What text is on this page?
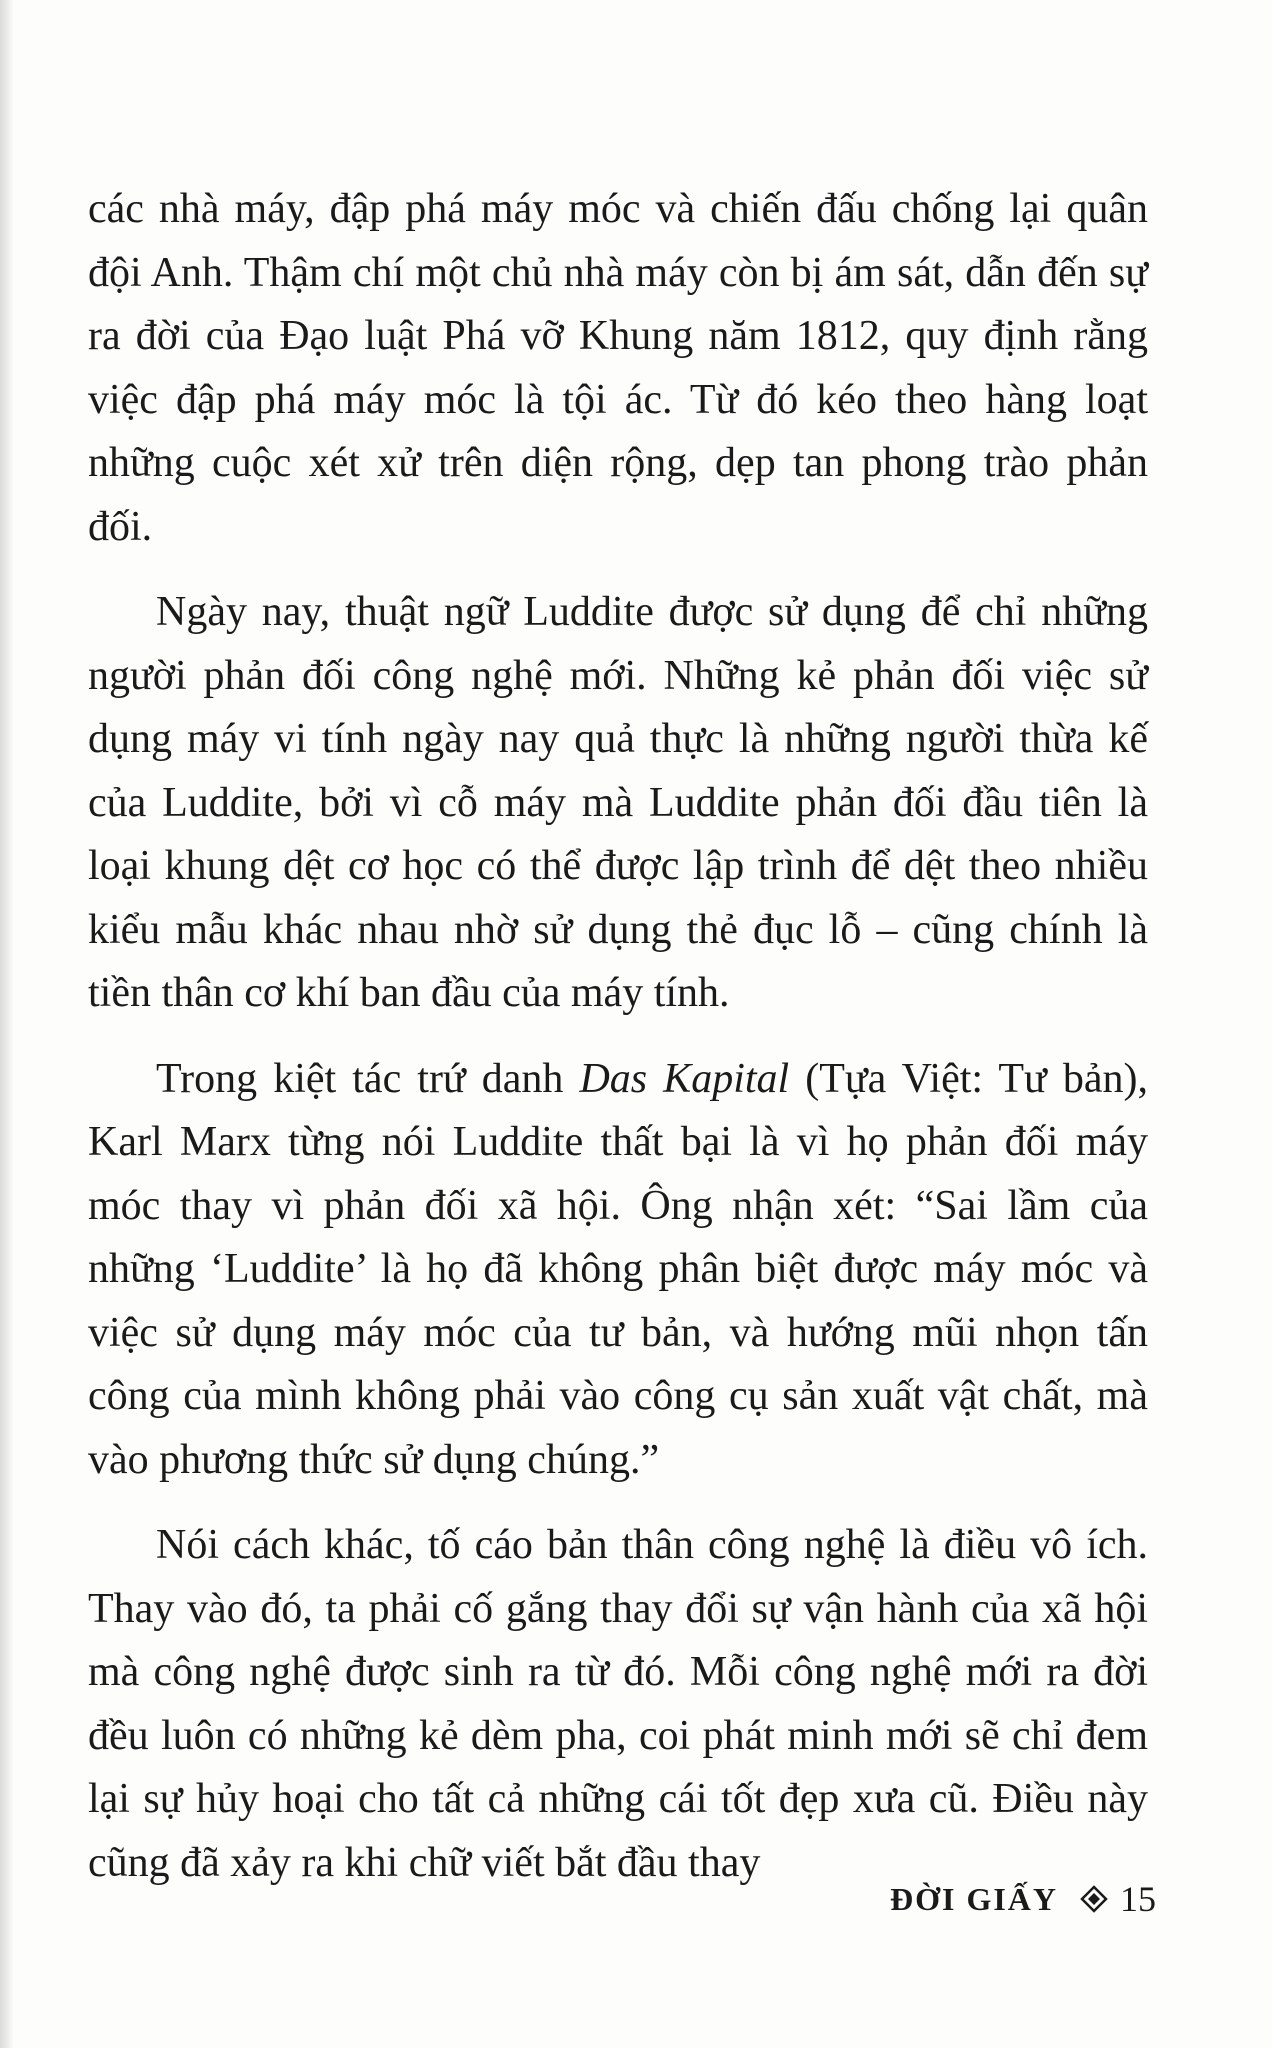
các nhà máy, đập phá máy móc và chiến đấu chống lại quân đội Anh. Thậm chí một chủ nhà máy còn bị ám sát, dẫn đến sự ra đời của Đạo luật Phá vỡ Khung năm 1812, quy định rằng việc đập phá máy móc là tội ác. Từ đó kéo theo hàng loạt những cuộc xét xử trên diện rộng, dẹp tan phong trào phản đối.

Ngày nay, thuật ngữ Luddite được sử dụng để chỉ những người phản đối công nghệ mới. Những kẻ phản đối việc sử dụng máy vi tính ngày nay quả thực là những người thừa kế của Luddite, bởi vì cỗ máy mà Luddite phản đối đầu tiên là loại khung dệt cơ học có thể được lập trình để dệt theo nhiều kiểu mẫu khác nhau nhờ sử dụng thẻ đục lỗ – cũng chính là tiền thân cơ khí ban đầu của máy tính.

Trong kiệt tác trứ danh Das Kapital (Tựa Việt: Tư bản), Karl Marx từng nói Luddite thất bại là vì họ phản đối máy móc thay vì phản đối xã hội. Ông nhận xét: “Sai lầm của những ‘Luddite’ là họ đã không phân biệt được máy móc và việc sử dụng máy móc của tư bản, và hướng mũi nhọn tấn công của mình không phải vào công cụ sản xuất vật chất, mà vào phương thức sử dụng chúng.”

Nói cách khác, tố cáo bản thân công nghệ là điều vô ích. Thay vào đó, ta phải cố gắng thay đổi sự vận hành của xã hội mà công nghệ được sinh ra từ đó. Mỗi công nghệ mới ra đời đều luôn có những kẻ dèm pha, coi phát minh mới sẽ chỉ đem lại sự hủy hoại cho tất cả những cái tốt đẹp xưa cũ. Điều này cũng đã xảy ra khi chữ viết bắt đầu thay

ĐỜI GIẤY 15
